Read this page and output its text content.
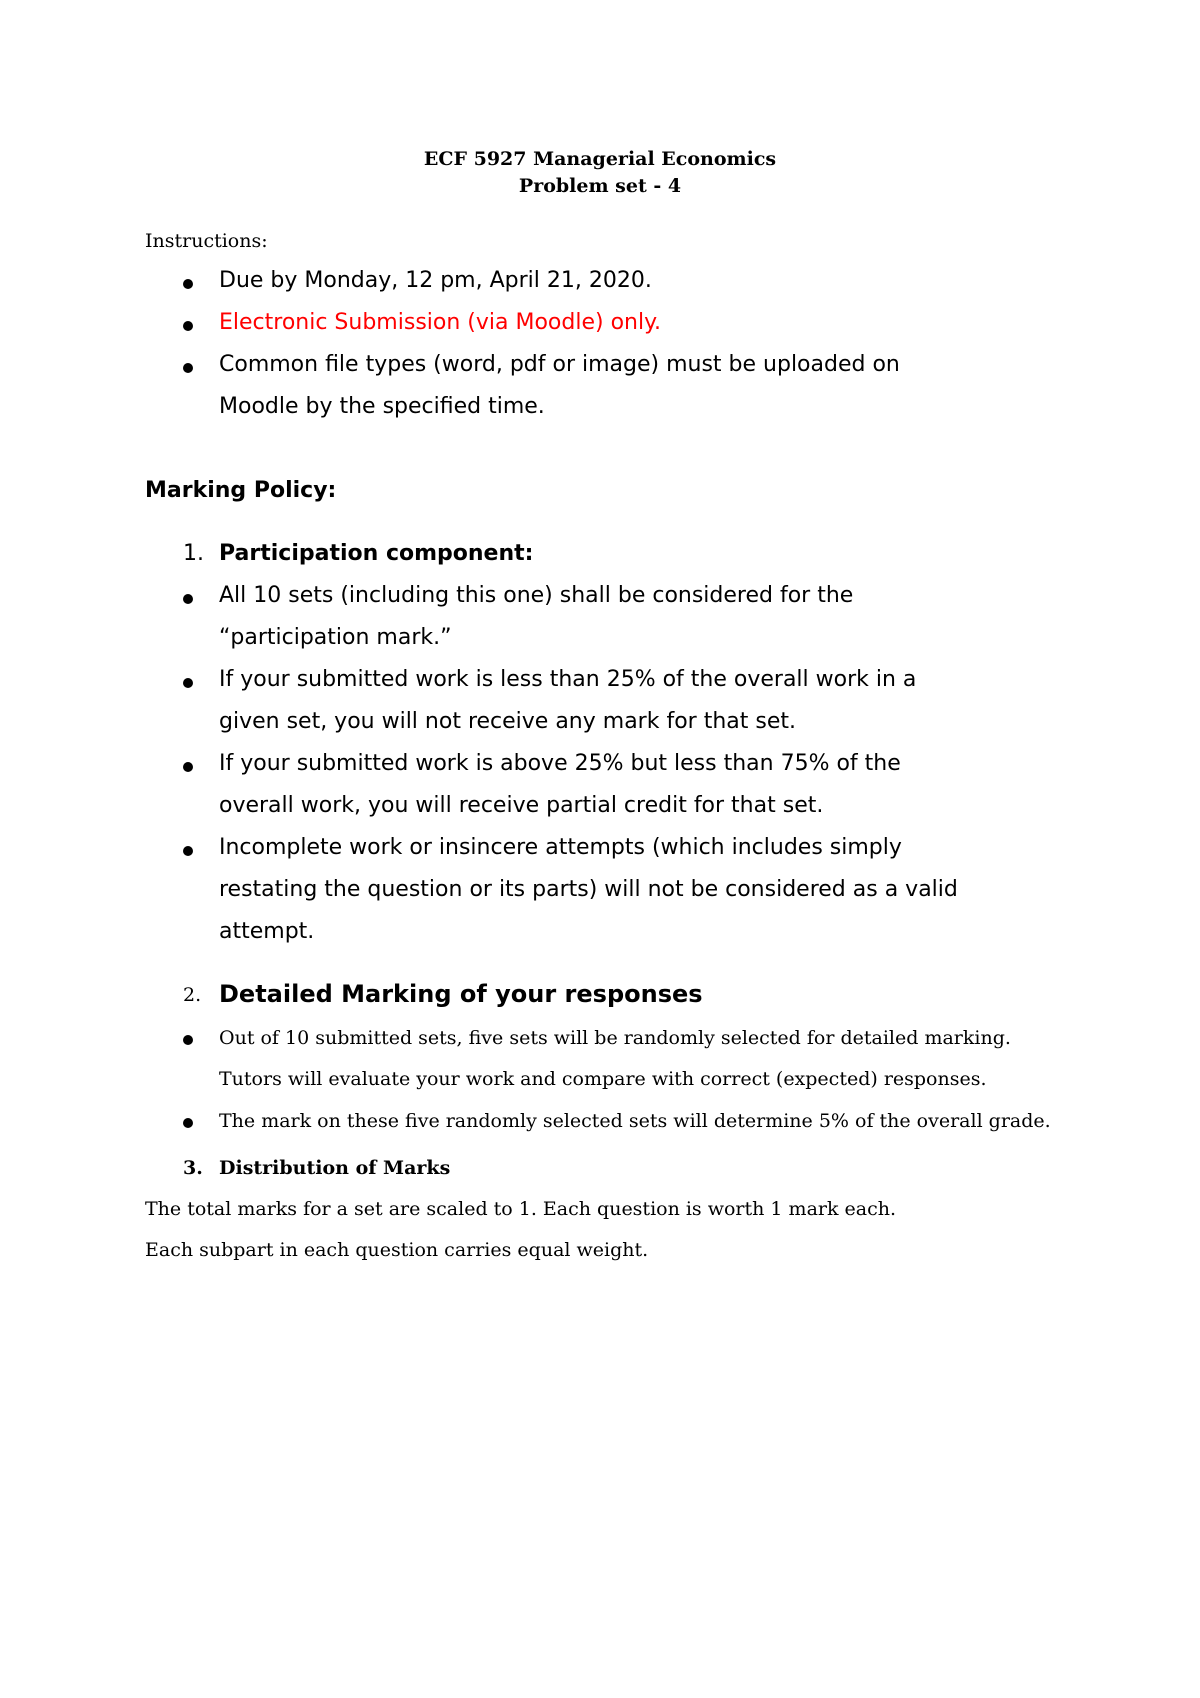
ECF 5927 Managerial Economics
Problem set - 4
Instructions:
Due by Monday, 12 pm, April 21, 2020.
Electronic Submission (via Moodle) only.
Common file types (word, pdf or image) must be uploaded on
Moodle by the specified time.
Marking Policy:
1. Participation component:
All 10 sets (including this one) shall be considered for the
“participation mark.”
If your submitted work is less than 25% of the overall work in a
given set, you will not receive any mark for that set.
If your submitted work is above 25% but less than 75% of the
overall work, you will receive partial credit for that set.
Incomplete work or insincere attempts (which includes simply
restating the question or its parts) will not be considered as a valid
attempt.
2. Detailed Marking of your responses
Out of 10 submitted sets, five sets will be randomly selected for detailed marking.
Tutors will evaluate your work and compare with correct (expected) responses.
The mark on these five randomly selected sets will determine 5% of the overall grade.
3. Distribution of Marks
The total marks for a set are scaled to 1. Each question is worth 1 mark each.
Each subpart in each question carries equal weight.
